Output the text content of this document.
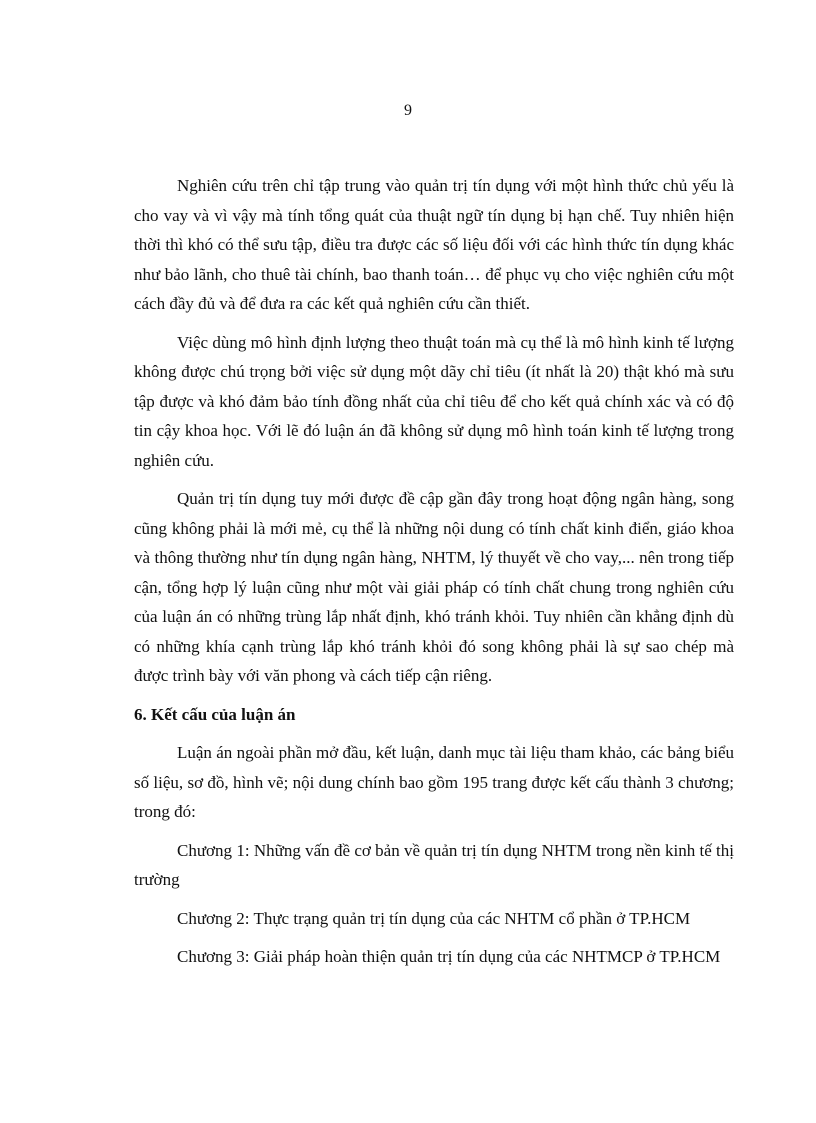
9

Nghiên cứu trên chỉ tập trung vào quản trị tín dụng với một hình thức chủ yếu là cho vay và vì vậy mà tính tổng quát của thuật ngữ tín dụng bị hạn chế. Tuy nhiên hiện thời thì khó có thể sưu tập, điều tra được các số liệu đối với các hình thức tín dụng khác như bảo lãnh, cho thuê tài chính, bao thanh toán… để phục vụ cho việc nghiên cứu một cách đầy đủ và để đưa ra các kết quả nghiên cứu cần thiết.

Việc dùng mô hình định lượng theo thuật toán mà cụ thể là mô hình kinh tế lượng không được chú trọng bởi việc sử dụng một dãy chỉ tiêu (ít nhất là 20) thật khó mà sưu tập được và khó đảm bảo tính đồng nhất của chỉ tiêu để cho kết quả chính xác và có độ tin cậy khoa học. Với lẽ đó luận án đã không sử dụng mô hình toán kinh tế lượng trong nghiên cứu.

Quản trị tín dụng tuy mới được đề cập gần đây trong hoạt động ngân hàng, song cũng không phải là mới mẻ, cụ thể là những nội dung có tính chất kinh điển, giáo khoa và thông thường như tín dụng ngân hàng, NHTM, lý thuyết về cho vay,... nên trong tiếp cận, tổng hợp lý luận cũng như một vài giải pháp có tính chất chung trong nghiên cứu của luận án có những trùng lắp nhất định, khó tránh khỏi. Tuy nhiên cần khẳng định dù có những khía cạnh trùng lắp khó tránh khỏi đó song không phải là sự sao chép mà được trình bày với văn phong và cách tiếp cận riêng.

6. Kết cấu của luận án

Luận án ngoài phần mở đầu, kết luận, danh mục tài liệu tham khảo, các bảng biểu số liệu, sơ đồ, hình vẽ; nội dung chính bao gồm 195 trang được kết cấu thành 3 chương; trong đó:

Chương 1: Những vấn đề cơ bản về quản trị tín dụng NHTM trong nền kinh tế thị trường

Chương 2: Thực trạng quản trị tín dụng của các NHTM cổ phần ở TP.HCM

Chương 3: Giải pháp hoàn thiện quản trị tín dụng của các NHTMCP ở TP.HCM
